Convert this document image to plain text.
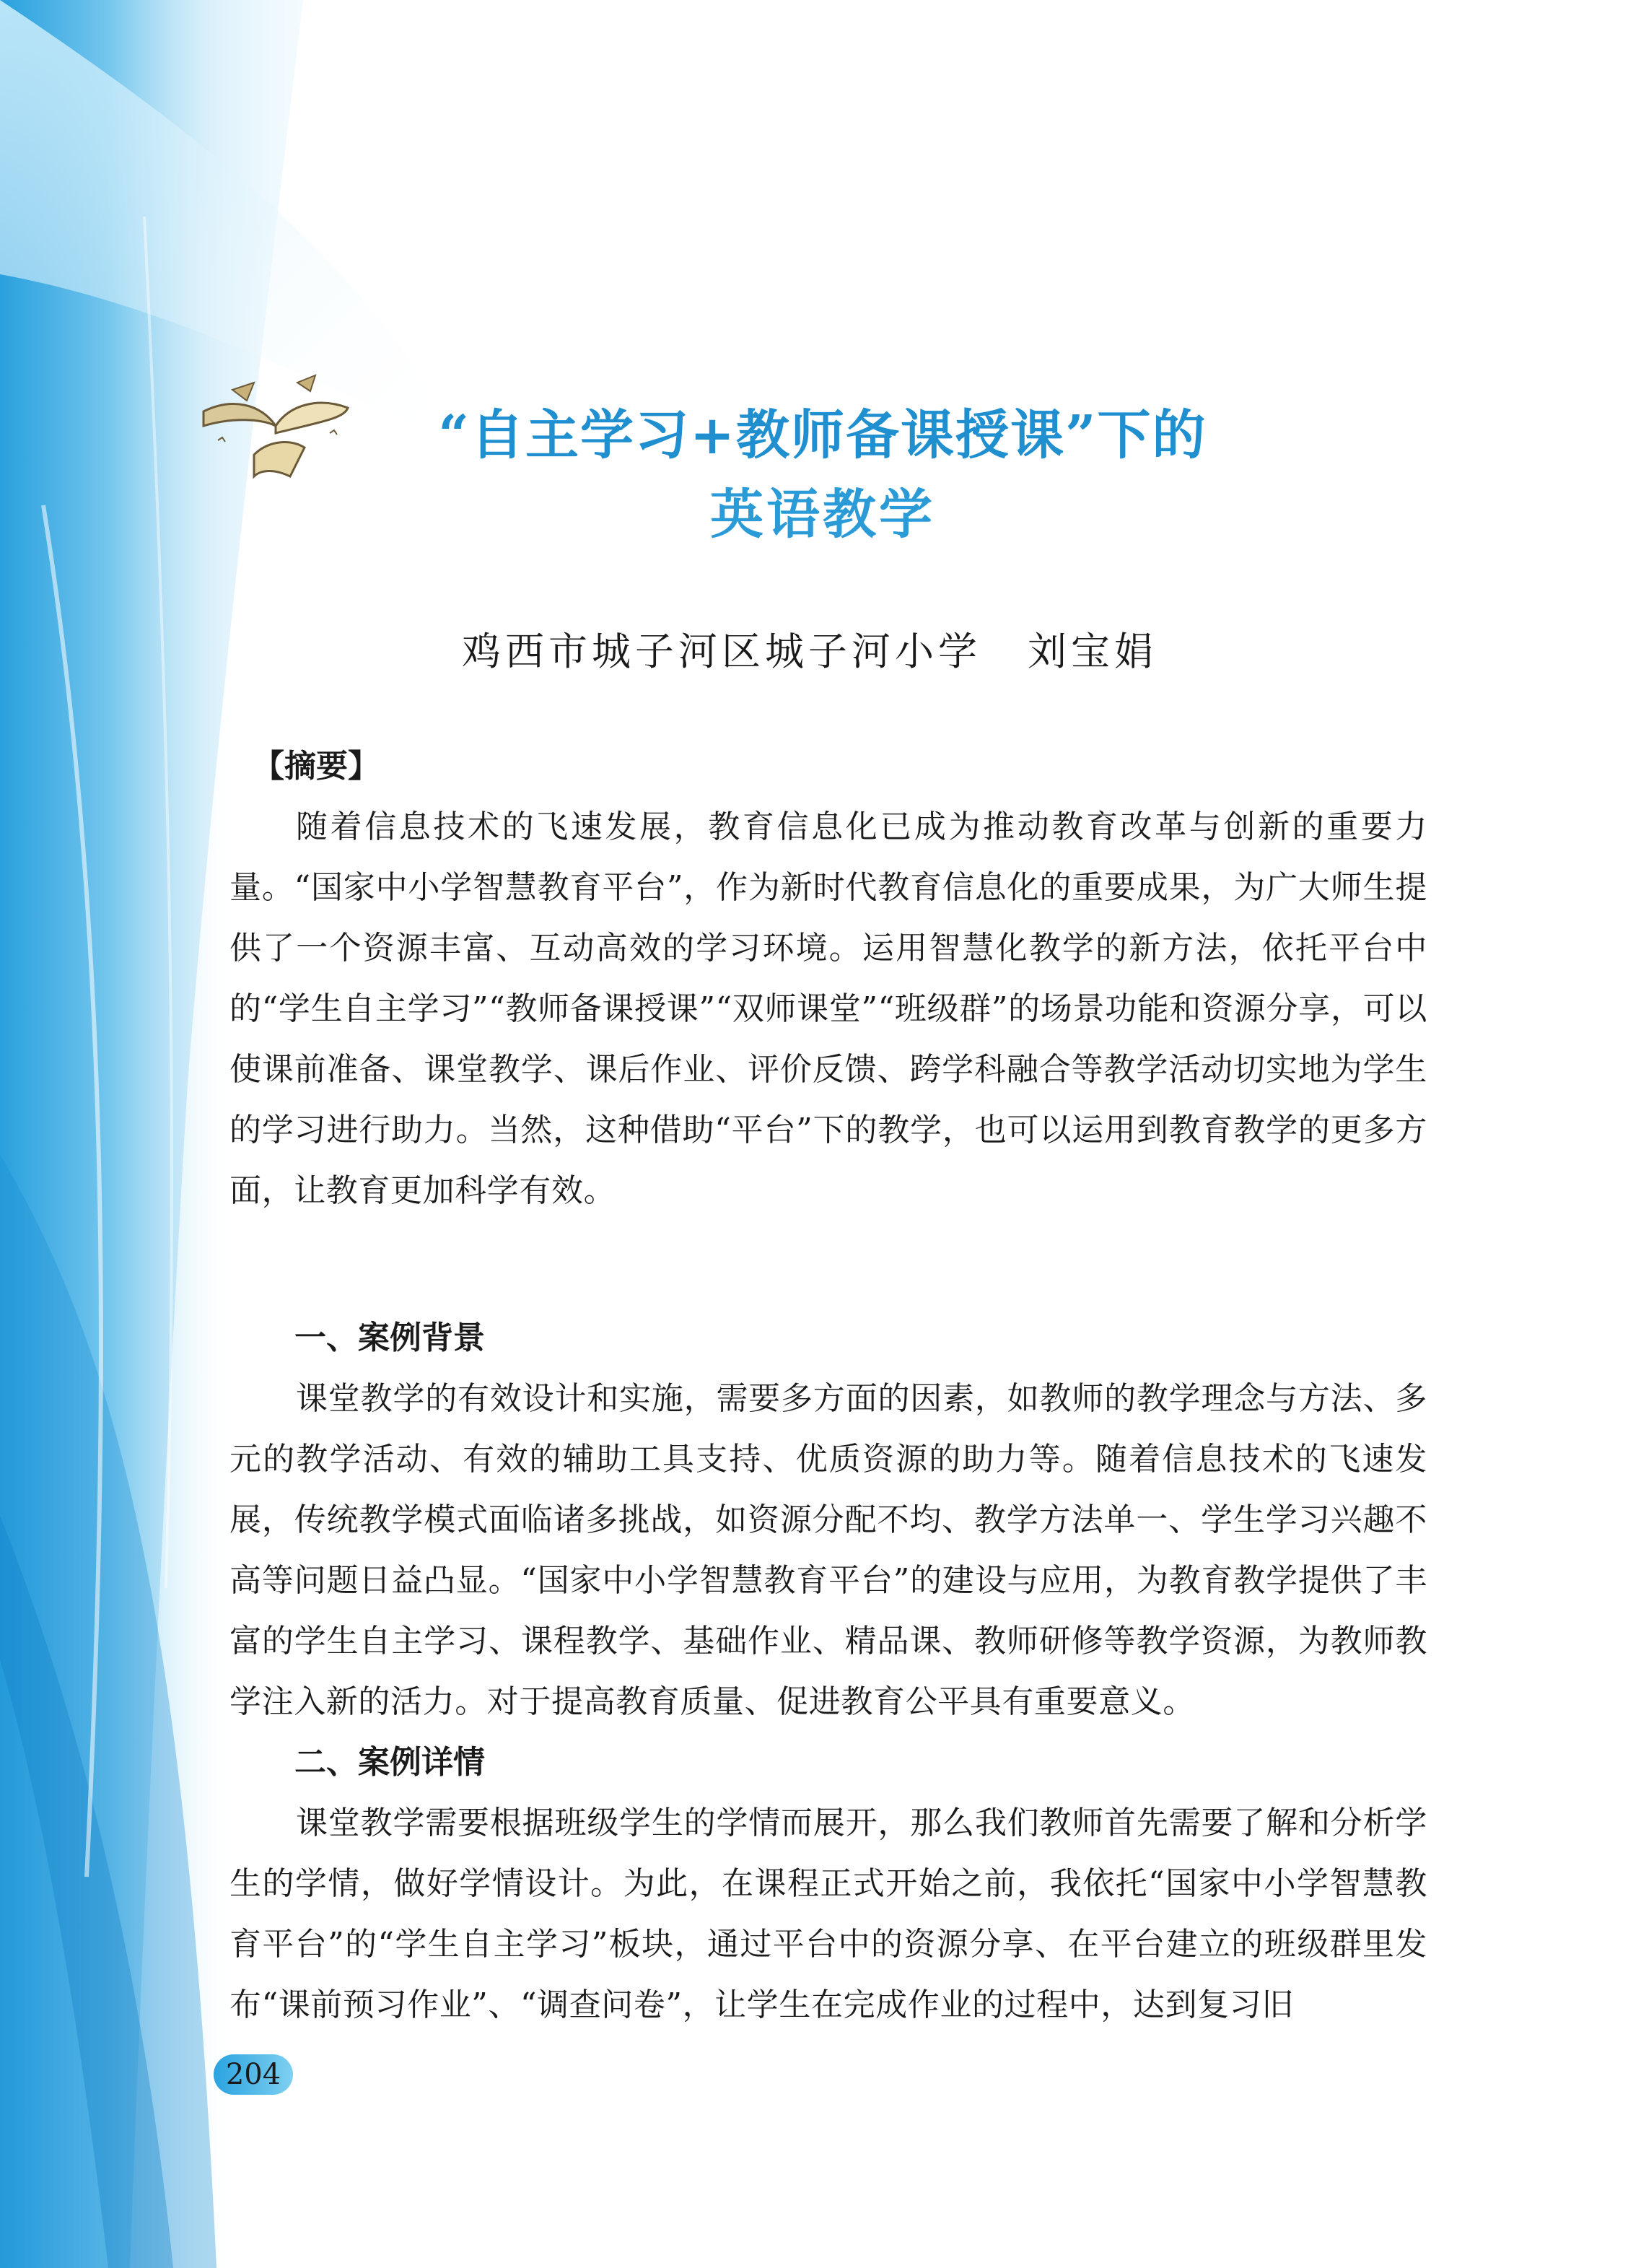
“自主学习+教师备课授课”下的
英语教学
鸡西市城子河区城子河小学 刘宝娟
【摘要】

随着信息技术的飞速发展，教育信息化已成为推动教育改革与创新的重要力量。“国家中小学智慧教育平台”，作为新时代教育信息化的重要成果，为广大师生提供了一个资源丰富、互动高效的学习环境。运用智慧化教学的新方法，依托平台中的“学生自主学习”“教师备课授课”“双师课堂”“班级群”的场景功能和资源分享，可以使课前准备、课堂教学、课后作业、评价反馈、跨学科融合等教学活动切实地为学生的学习进行助力。当然，这种借助“平台”下的教学，也可以运用到教育教学的更多方面，让教育更加科学有效。

一、案例背景

课堂教学的有效设计和实施，需要多方面的因素，如教师的教学理念与方法、多元的教学活动、有效的辅助工具支持、优质资源的助力等。随着信息技术的飞速发展，传统教学模式面临诸多挑战，如资源分配不均、教学方法单一、学生学习兴趣不高等问题日益凸显。“国家中小学智慧教育平台”的建设与应用，为教育教学提供了丰富的学生自主学习、课程教学、基础作业、精品课、教师研修等教学资源，为教师教学注入新的活力。对于提高教育质量、促进教育公平具有重要意义。

二、案例详情

课堂教学需要根据班级学生的学情而展开，那么我们教师首先需要了解和分析学生的学情，做好学情设计。为此，在课程正式开始之前，我依托“国家中小学智慧教育平台”的“学生自主学习”板块，通过平台中的资源分享、在平台建立的班级群里发布“课前预习作业”、“调查问卷”，让学生在完成作业的过程中，达到复习旧

204
